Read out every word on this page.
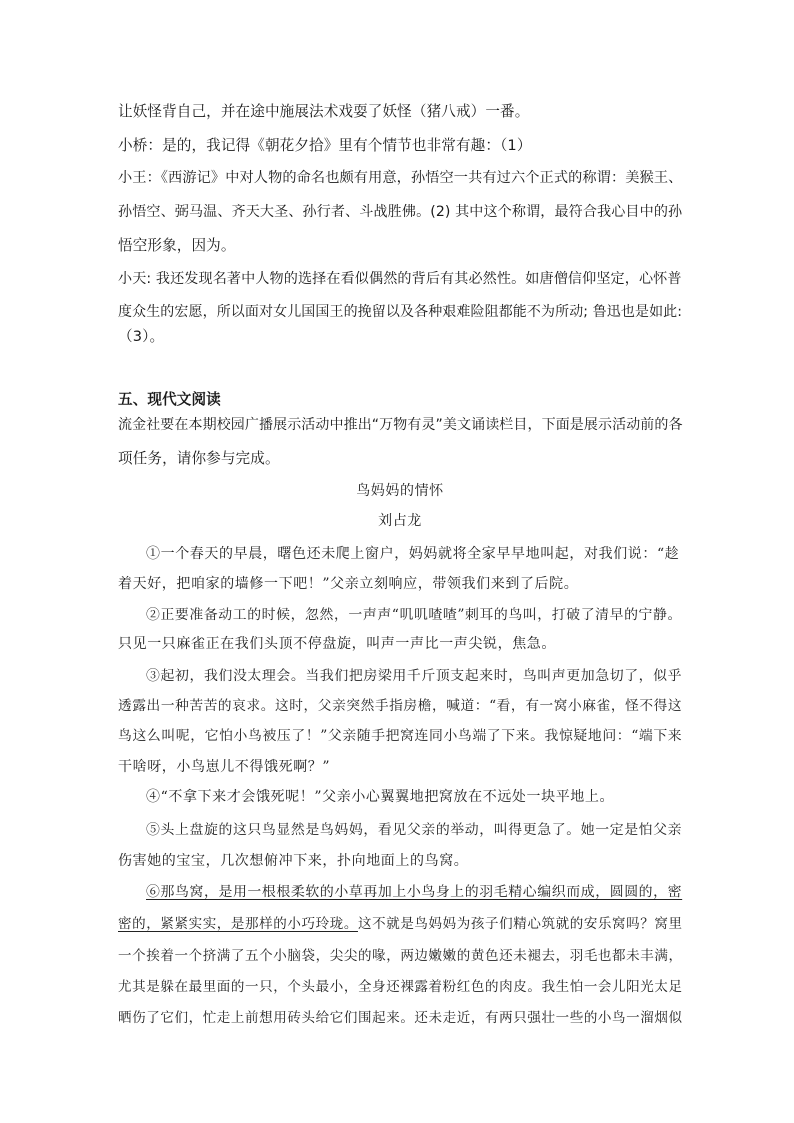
让妖怪背自己，并在途中施展法术戏耍了妖怪（猪八戒）一番。
小桥：是的，我记得《朝花夕拾》里有个情节也非常有趣：（1）
小王：《西游记》中对人物的命名也颇有用意，孙悟空一共有过六个正式的称谓：美猴王、
孙悟空、弼马温、齐天大圣、孙行者、斗战胜佛。(2) 其中这个称谓，最符合我心目中的孙
悟空形象，因为。
小天: 我还发现名著中人物的选择在看似偶然的背后有其必然性。如唐僧信仰坚定，心怀普
度众生的宏愿，所以面对女儿国国王的挽留以及各种艰难险阻都能不为所动; 鲁迅也是如此:
（3）。
五、现代文阅读
流金社要在本期校园广播展示活动中推出“万物有灵”美文诵读栏目，下面是展示活动前的各
项任务，请你参与完成。
鸟妈妈的情怀
刘占龙
①一个春天的早晨，曙色还未爬上窗户，妈妈就将全家早早地叫起，对我们说：“趁
着天好，把咱家的墙修一下吧！”父亲立刻响应，带领我们来到了后院。
②正要准备动工的时候，忽然，一声声“叽叽喳喳”刺耳的鸟叫，打破了清早的宁静。
只见一只麻雀正在我们头顶不停盘旋，叫声一声比一声尖锐，焦急。
③起初，我们没太理会。当我们把房梁用千斤顶支起来时，鸟叫声更加急切了，似乎
透露出一种苦苦的哀求。这时，父亲突然手指房檐，喊道：“看，有一窝小麻雀，怪不得这
鸟这么叫呢，它怕小鸟被压了！”父亲随手把窝连同小鸟端了下来。我惊疑地问：“端下来
干啥呀，小鸟崽儿不得饿死啊？”
④“不拿下来才会饿死呢！”父亲小心翼翼地把窝放在不远处一块平地上。
⑤头上盘旋的这只鸟显然是鸟妈妈，看见父亲的举动，叫得更急了。她一定是怕父亲
伤害她的宝宝，几次想俯冲下来，扑向地面上的鸟窝。
⑥那鸟窝，是用一根根柔软的小草再加上小鸟身上的羽毛精心编织而成，圆圆的，密
密的，紧紧实实，是那样的小巧玲珑。这不就是鸟妈妈为孩子们精心筑就的安乐窝吗？窝里
一个挨着一个挤满了五个小脑袋，尖尖的喙，两边嫩嫩的黄色还未褪去，羽毛也都未丰满，
尤其是躲在最里面的一只，个头最小，全身还裸露着粉红色的肉皮。我生怕一会儿阳光太足
晒伤了它们，忙走上前想用砖头给它们围起来。还未走近，有两只强壮一些的小鸟一溜烟似
